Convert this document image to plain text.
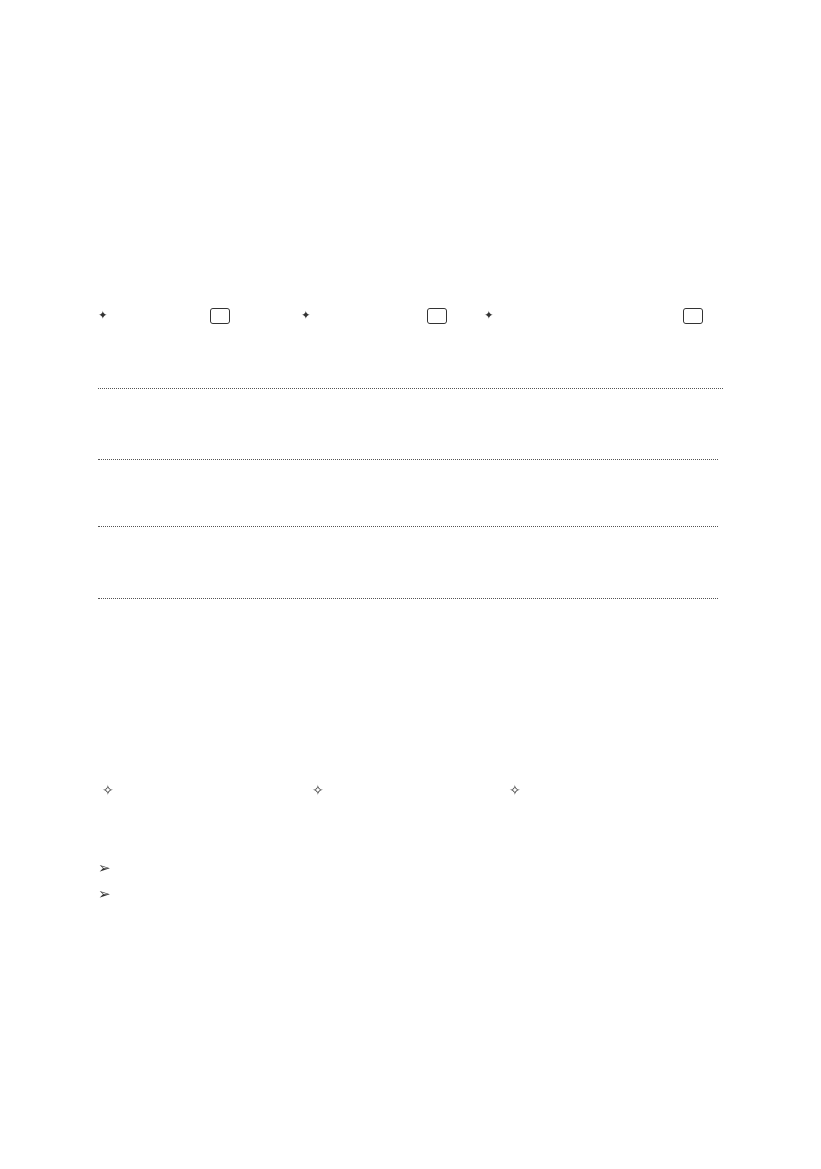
✦	✦	✦
✧	✧	✧
➢
➢
